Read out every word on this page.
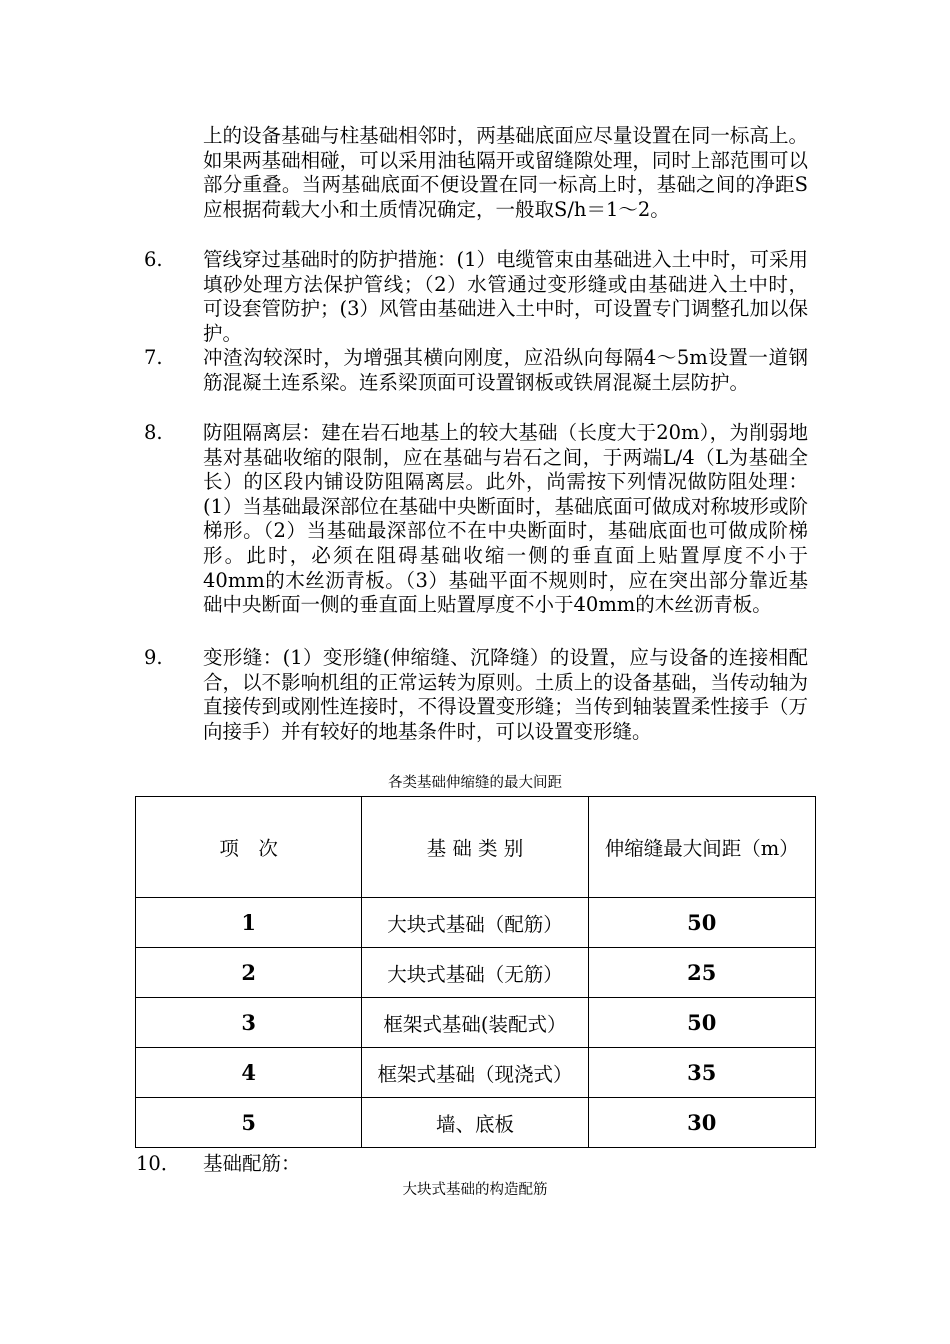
上的设备基础与柱基础相邻时，两基础底面应尽量设置在同一标高上。如果两基础相碰，可以采用油毡隔开或留缝隙处理，同时上部范围可以部分重叠。当两基础底面不便设置在同一标高上时，基础之间的净距S应根据荷载大小和土质情况确定，一般取S/h＝1～2。
6. 管线穿过基础时的防护措施：(1）电缆管束由基础进入土中时，可采用填砂处理方法保护管线；（2）水管通过变形缝或由基础进入土中时，可设套管防护；(3）风管由基础进入土中时，可设置专门调整孔加以保护。
7. 冲渣沟较深时，为增强其横向刚度，应沿纵向每隔4～5m设置一道钢筋混凝土连系梁。连系梁顶面可设置钢板或铁屑混凝土层防护。
8. 防阻隔离层：建在岩石地基上的较大基础（长度大于20m），为削弱地基对基础收缩的限制，应在基础与岩石之间，于两端L/4（L为基础全长）的区段内铺设防阻隔离层。此外，尚需按下列情况做防阻处理：(1）当基础最深部位在基础中央断面时，基础底面可做成对称坡形或阶梯形。（2）当基础最深部位不在中央断面时，基础底面也可做成阶梯形。此时，必须在阻碍基础收缩一侧的垂直面上贴置厚度不小于40mm的木丝沥青板。（3）基础平面不规则时，应在突出部分靠近基础中央断面一侧的垂直面上贴置厚度不小于40mm的木丝沥青板。
9. 变形缝：(1）变形缝(伸缩缝、沉降缝）的设置，应与设备的连接相配合，以不影响机组的正常运转为原则。土质上的设备基础，当传动轴为直接传到或刚性连接时，不得设置变形缝；当传到轴装置柔性接手（万向接手）并有较好的地基条件时，可以设置变形缝。
各类基础伸缩缝的最大间距
项　次	基 础 类 别	伸缩缝最大间距（m）
1	大块式基础（配筋）	50
2	大块式基础（无筋）	25
3	框架式基础(装配式）	50
4	框架式基础（现浇式）	35
5	墙、底板	30
10． 基础配筋：
大块式基础的构造配筋
